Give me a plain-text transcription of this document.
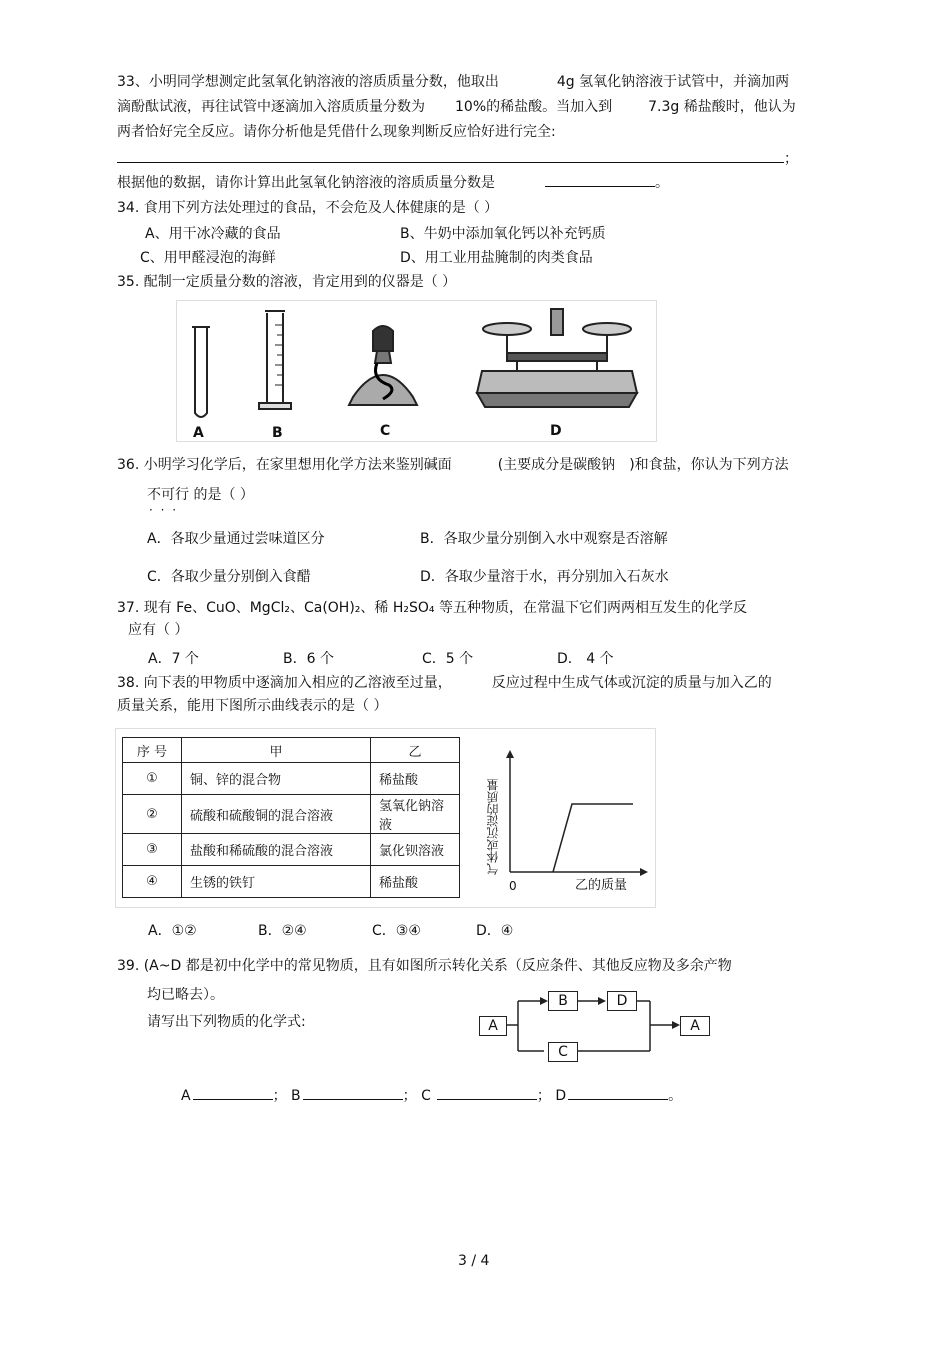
33、小明同学想测定此氢氧化钠溶液的溶质质量分数，他取出	4g 氢氧化钠溶液于试管中，并滴加两
滴酚酞试液，再往试管中逐滴加入溶质质量分数为 10%的稀盐酸。当加入到	7.3g 稀盐酸时，他认为
两者恰好完全反应。请你分析他是凭借什么现象判断反应恰好进行完全:
；
根据他的数据，请你计算出此氢氧化钠溶液的溶质质量分数是	。
34. 食用下列方法处理过的食品，不会危及人体健康的是（ ）
A、用干冰冷藏的食品	B、牛奶中添加氧化钙以补充钙质
C、用甲醛浸泡的海鲜	D、用工业用盐腌制的肉类食品
35. 配制一定质量分数的溶液，肯定用到的仪器是（ ）
A	B	C	D
36. 小明学习化学后，在家里想用化学方法来鉴别碱面	(主要成分是碳酸钠 )和食盐，你认为下列方法
不可行 的是（ ）
· · ·
A．各取少量通过尝味道区分	B．各取少量分别倒入水中观察是否溶解
C．各取少量分别倒入食醋	D．各取少量溶于水，再分别加入石灰水
37. 现有 Fe、CuO、MgCl₂、Ca(OH)₂、稀 H₂SO₄ 等五种物质，在常温下它们两两相互发生的化学反
应有（ ）
A．7 个	B．6 个	C．5 个	D． 4 个
38. 向下表的甲物质中逐滴加入相应的乙溶液至过量，	反应过程中生成气体或沉淀的质量与加入乙的
质量关系，能用下图所示曲线表示的是（ ）
序 号	甲	乙
①	铜、锌的混合物	稀盐酸
②	硫酸和硫酸铜的混合溶液	氢氧化钠溶液
③	盐酸和稀硫酸的混合溶液	氯化钡溶液
④	生锈的铁钉	稀盐酸
气体或沉淀的质量
0	乙的质量
A．①②	B．②④	C．③④	D．④
39. (A~D 都是初中化学中的常见物质，且有如图所示转化关系（反应条件、其他反应物及多余产物
均已略去）。
请写出下列物质的化学式:	A
B	D
A
C
A	； B	； C	； D	。
3 / 4
